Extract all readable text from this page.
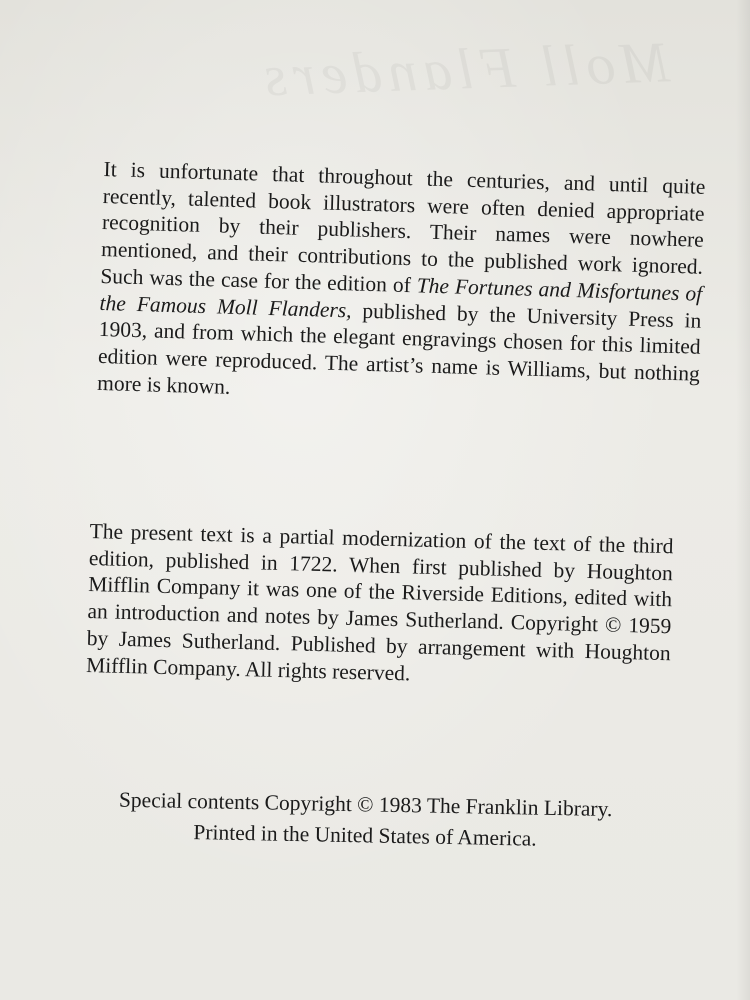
Moll Flanders

It is unfortunate that throughout the centuries, and until quite recently, talented book illustrators were often denied appropriate recognition by their publishers. Their names were nowhere mentioned, and their contributions to the published work ignored. Such was the case for the edition of The Fortunes and Misfortunes of the Famous Moll Flanders, published by the University Press in 1903, and from which the elegant engravings chosen for this limited edition were reproduced. The artist’s name is Williams, but nothing more is known.

The present text is a partial modernization of the text of the third edition, published in 1722. When first published by Houghton Mifflin Company it was one of the Riverside Editions, edited with an introduction and notes by James Sutherland. Copyright © 1959 by James Sutherland. Published by arrangement with Houghton Mifflin Company. All rights reserved.

Special contents Copyright © 1983 The Franklin Library.
Printed in the United States of America.
